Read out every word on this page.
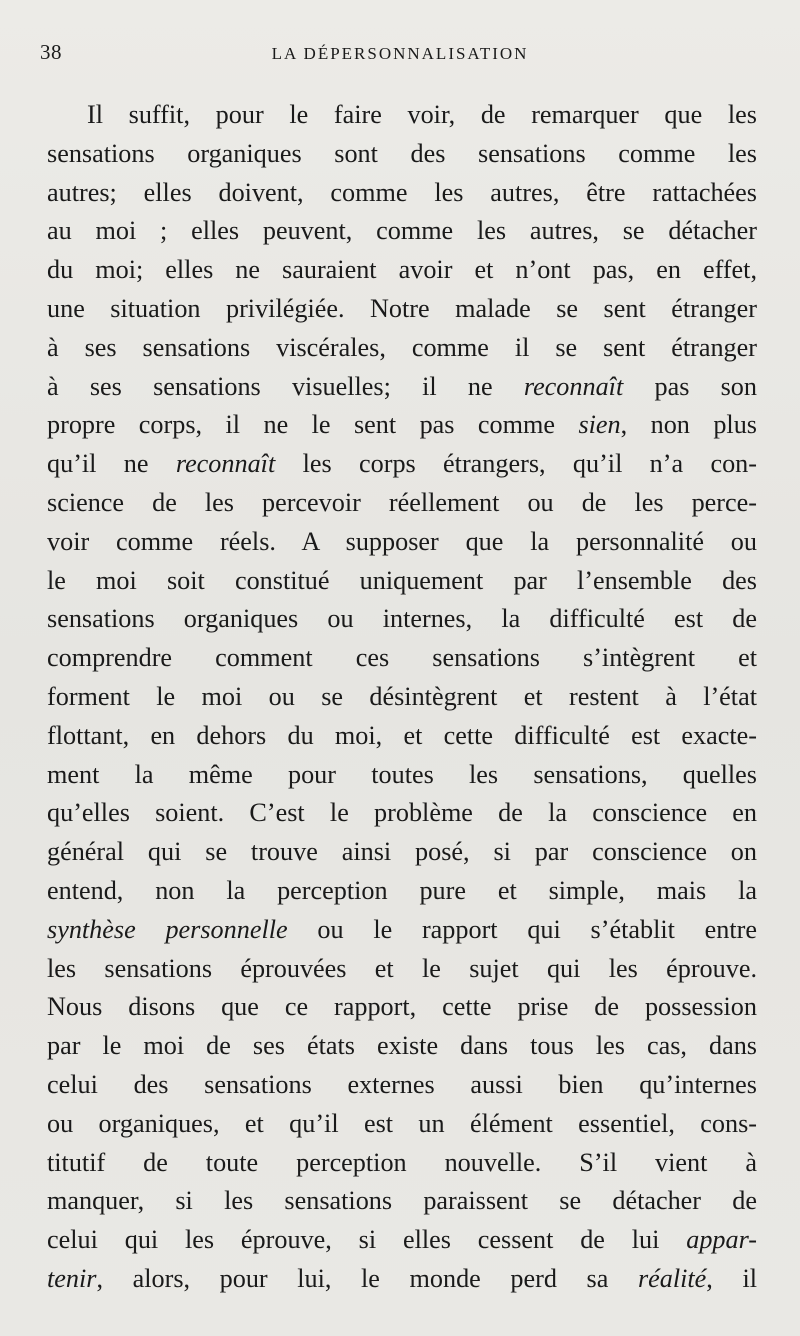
38	LA DÉPERSONNALISATION
Il suffit, pour le faire voir, de remarquer que les
sensations organiques sont des sensations comme les
autres; elles doivent, comme les autres, être rattachées
au moi ; elles peuvent, comme les autres, se détacher
du moi; elles ne sauraient avoir et n’ont pas, en effet,
une situation privilégiée. Notre malade se sent étranger
à ses sensations viscérales, comme il se sent étranger
à ses sensations visuelles; il ne reconnaît pas son
propre corps, il ne le sent pas comme sien, non plus
qu’il ne reconnaît les corps étrangers, qu’il n’a con-
science de les percevoir réellement ou de les perce-
voir comme réels. A supposer que la personnalité ou
le moi soit constitué uniquement par l’ensemble des
sensations organiques ou internes, la difficulté est de
comprendre comment ces sensations s’intègrent et
forment le moi ou se désintègrent et restent à l’état
flottant, en dehors du moi, et cette difficulté est exacte-
ment la même pour toutes les sensations, quelles
qu’elles soient. C’est le problème de la conscience en
général qui se trouve ainsi posé, si par conscience on
entend, non la perception pure et simple, mais la
synthèse personnelle ou le rapport qui s’établit entre
les sensations éprouvées et le sujet qui les éprouve.
Nous disons que ce rapport, cette prise de possession
par le moi de ses états existe dans tous les cas, dans
celui des sensations externes aussi bien qu’internes
ou organiques, et qu’il est un élément essentiel, cons-
titutif de toute perception nouvelle. S’il vient à
manquer, si les sensations paraissent se détacher de
celui qui les éprouve, si elles cessent de lui appar-
tenir, alors, pour lui, le monde perd sa réalité, il
